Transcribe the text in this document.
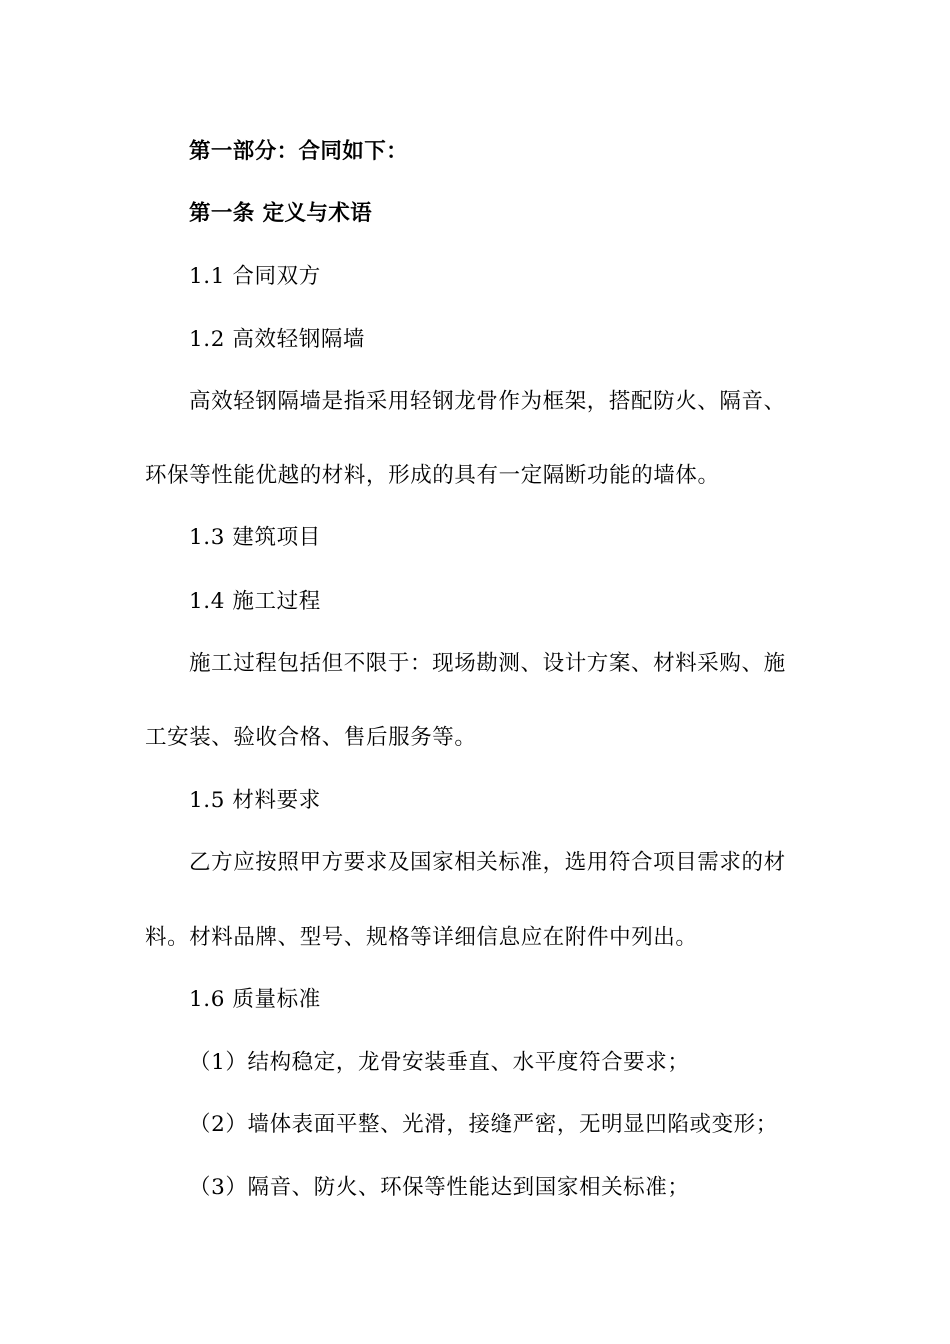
第一部分：合同如下：
第一条 定义与术语
1.1 合同双方
1.2 高效轻钢隔墙
高效轻钢隔墙是指采用轻钢龙骨作为框架，搭配防火、隔音、
环保等性能优越的材料，形成的具有一定隔断功能的墙体。
1.3 建筑项目
1.4 施工过程
施工过程包括但不限于：现场勘测、设计方案、材料采购、施
工安装、验收合格、售后服务等。
1.5 材料要求
乙方应按照甲方要求及国家相关标准，选用符合项目需求的材
料。材料品牌、型号、规格等详细信息应在附件中列出。
1.6 质量标准
（1）结构稳定，龙骨安装垂直、水平度符合要求；
（2）墙体表面平整、光滑，接缝严密，无明显凹陷或变形；
（3）隔音、防火、环保等性能达到国家相关标准；
